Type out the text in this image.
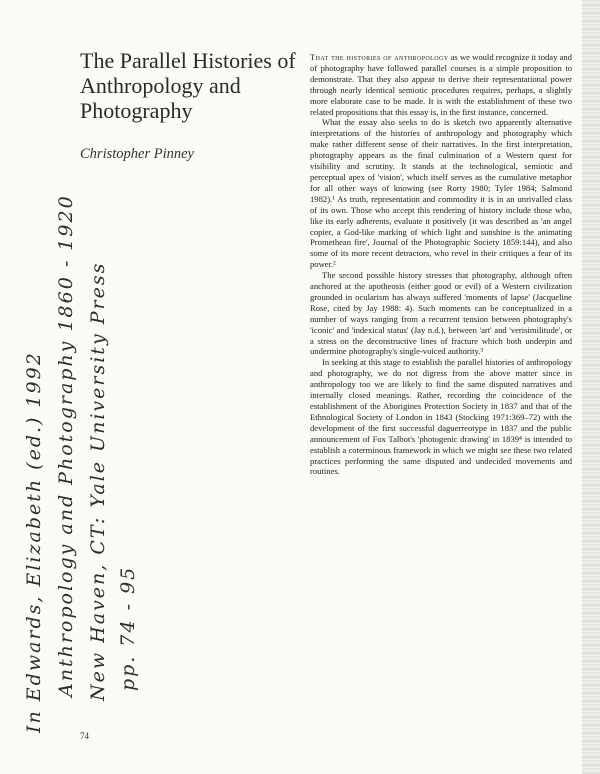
The Parallel Histories of Anthropology and Photography
Christopher Pinney

That the histories of anthropology as we would recognize it today and of photography have followed parallel courses is a simple proposition to demonstrate. That they also appear to derive their representational power through nearly identical semiotic procedures requires, perhaps, a slightly more elaborate case to be made. It is with the establishment of these two related propositions that this essay is, in the first instance, concerned.

What the essay also seeks to do is sketch two apparently alternative interpretations of the histories of anthropology and photography which make rather different sense of their narratives. In the first interpretation, photography appears as the final culmination of a Western quest for visibility and scrutiny. It stands at the technological, semiotic and perceptual apex of 'vision', which itself serves as the cumulative metaphor for all other ways of knowing (see Rorty 1980; Tyler 1984; Salmond 1982).¹ As truth, representation and commodity it is in an unrivalled class of its own. Those who accept this rendering of history include those who, like its early adherents, evaluate it positively (it was described as 'an angel copier, a God-like marking of which light and sunshine is the animating Promethean fire', Journal of the Photographic Society 1859:144), and also some of its more recent detractors, who revel in their critiques a fear of its power.²

The second possible history stresses that photography, although often anchored at the apotheosis (either good or evil) of a Western civilization grounded in ocularism has always suffered 'moments of lapse' (Jacqueline Rose, cited by Jay 1988: 4). Such moments can be conceptualized in a number of ways ranging from a recurrent tension between photography's 'iconic' and 'indexical status' (Jay n.d.), between 'art' and 'verisimilitude', or a stress on the deconstructive lines of fracture which both underpin and undermine photography's single-voiced authority.³

In seeking at this stage to establish the parallel histories of anthropology and photography, we do not digress from the above matter since in anthropology too we are likely to find the same disputed narratives and internally closed meanings. Rather, recording the coincidence of the establishment of the Aborigines Protection Society in 1837 and that of the Ethnological Society of London in 1843 (Stocking 1971:369–72) with the development of the first successful daguerreotype in 1837 and the public announcement of Fox Talbot's 'photogenic drawing' in 1839⁴ is intended to establish a coterminous framework in which we might see these two related practices performing the same disputed and undecided movements and routines.

74
In Edwards, Elizabeth (ed.) 1992 Anthropology and Photography 1860 - 1920 New Haven, CT: Yale University Press pp. 74 - 95
